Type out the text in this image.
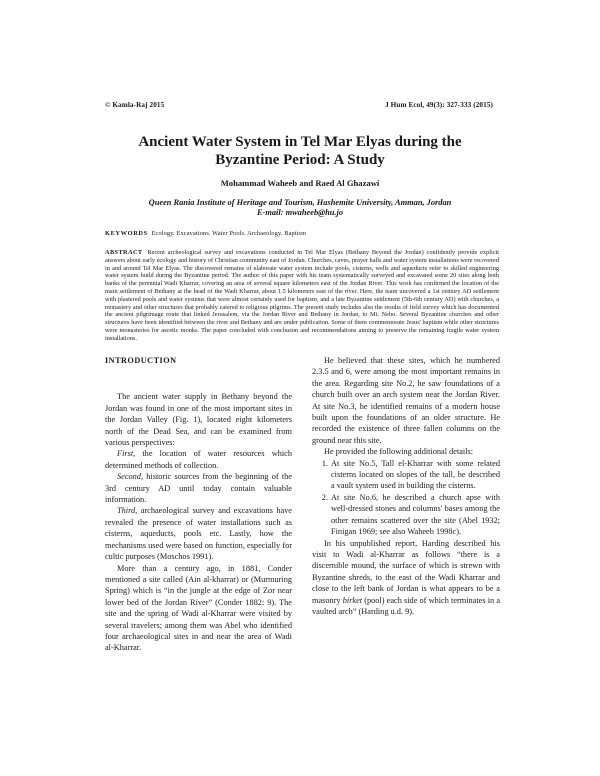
© Kamla-Raj 2015	J Hum Ecol, 49(3): 327-333 (2015)
Ancient Water System in Tel Mar Elyas during the Byzantine Period: A Study
Mohammad Waheeb and Raed Al Ghazawi
Queen Rania Institute of Heritage and Tourism, Hashemite University, Amman, Jordan
E-mail: mwaheeb@hu.jo
KEYWORDS Ecology. Excavations. Water Pools. Archaeology. Baptism
ABSTRACT Recent archeological survey and excavations conducted in Tel Mar Elyas (Bethany Beyond the Jordan) confidently provide explicit answers about early ecology and history of Christian community east of Jordan. Churches, caves, prayer halls and water system installations were recovered in and around Tel Mar Elyas. The discovered remains of elaborate water system include pools, cisterns, wells and aqueducts refer to skilled engineering water system build during the Byzantine period. The author of this paper with his team systematically surveyed and excavated some 20 sites along both banks of the perennial Wadi Kharrar, covering an area of several square kilometers east of the Jordan River. This work has confirmed the location of the main settlement of Bethany at the head of the Wadi Kharrar, about 1.5 kilometers east of the river. Here, the team uncovered a 1st century AD settlement with plastered pools and water systems that were almost certainly used for baptism, and a late Byzantine settlement (5th-6th century AD) with churches, a monastery and other structures that probably catered to religious pilgrims. The present study includes also the results of field survey which has documented the ancient pilgrimage route that linked Jerusalem, via the Jordan River and Bethany in Jordan, to Mt. Nebo. Several Byzantine churches and other structures have been identified between the river and Bethany and are under publication. Some of them commemorate Jesus' baptism while other structures were monasteries for ascetic monks. The paper concluded with conclusion and recommendations aiming to preserve the remaining fragile water system installations.

INTRODUCTION

The ancient water supply in Bethany beyond the Jordan was found in one of the most important sites in the Jordan Valley (Fig. 1), located eight kilometers north of the Dead Sea, and can be examined from various perspectives:

First, the location of water resources which determined methods of collection.

Second, historic sources from the beginning of the 3rd century AD until today contain valuable information.

Third, archaeological survey and excavations have revealed the presence of water installations such as cisterns, aqueducts, pools etc. Lastly, how the mechanisms used were based on function, especially for cultic purposes (Moschos 1991).

More than a century ago, in 1881, Conder mentioned a site called (Ain al-kharrar) or (Murmuring Spring) which is “in the jungle at the edge of Zor near lower bed of the Jordan River” (Conder 1882: 9). The site and the spring of Wadi al-Kharrar were visited by several travelers; among them was Abel who identified four archaeological sites in and near the area of Wadi al-Kharrar.

He believed that these sites, which he numbered 2.3.5 and 6, were among the most important remains in the area. Regarding site No.2, he saw foundations of a church built over an arch system near the Jordan River. At site No.3, he identified remains of a modern house built upon the foundations of an older structure. He recorded the existence of three fallen columns on the ground near this site.

He provided the following additional details:

1. At site No.5, Tall el-Kharrar with some related cisterns located on slopes of the tall, he described a vault system used in building the cisterns.
2. At site No.6, he described a church apse with well-dressed stones and columns' bases among the other remains scattered over the site (Abel 1932; Finigan 1969; see also Waheeb 1998c).

In his unpublished report, Harding described his visit to Wadi al-Kharrar as follows “there is a discernible mound, the surface of which is strewn with Byzantine shreds, to the east of the Wadi Kharrar and close to the left bank of Jordan is what appears to be a masonry birket (pool) each side of which terminates in a vaulted arch” (Harding u.d. 9).
